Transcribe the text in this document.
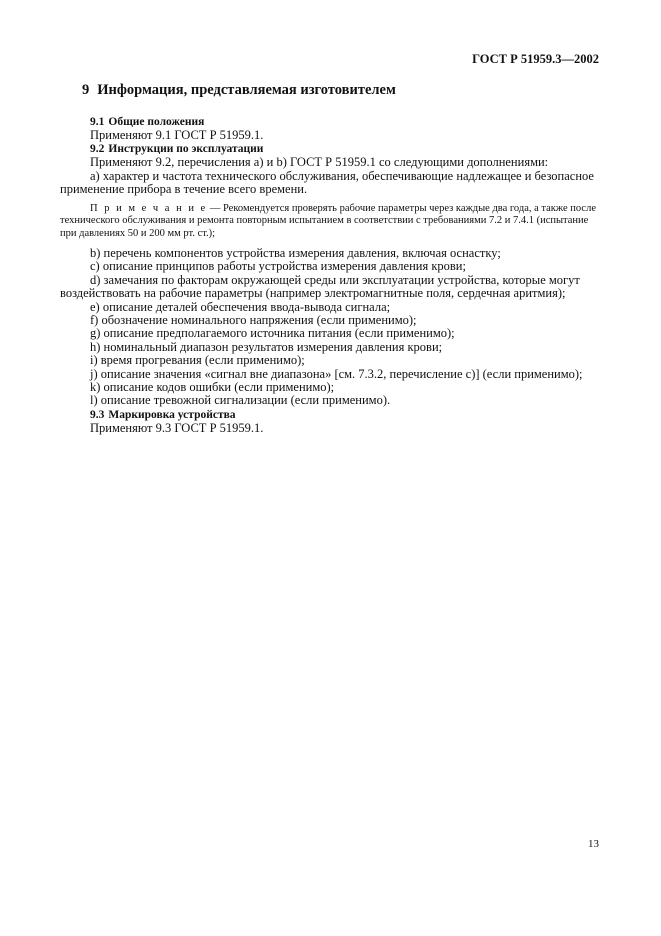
ГОСТ Р 51959.3—2002
9 Информация, представляемая изготовителем
9.1 Общие положения

Применяют 9.1 ГОСТ Р 51959.1.

9.2 Инструкции по эксплуатации

Применяют 9.2, перечисления а) и b) ГОСТ Р 51959.1 со следующими дополнениями:

а) характер и частота технического обслуживания, обеспечивающие надлежащее и безопасное применение прибора в течение всего времени.

П р и м е ч а н и е — Рекомендуется проверять рабочие параметры через каждые два года, а также после технического обслуживания и ремонта повторным испытанием в соответствии с требованиями 7.2 и 7.4.1 (испытание при давлениях 50 и 200 мм рт. ст.);

b) перечень компонентов устройства измерения давления, включая оснастку;

c) описание принципов работы устройства измерения давления крови;

d) замечания по факторам окружающей среды или эксплуатации устройства, которые могут воздействовать на рабочие параметры (например электромагнитные поля, сердечная аритмия);

e) описание деталей обеспечения ввода-вывода сигнала;

f) обозначение номинального напряжения (если применимо);

g) описание предполагаемого источника питания (если применимо);

h) номинальный диапазон результатов измерения давления крови;

i) время прогревания (если применимо);

j) описание значения «сигнал вне диапазона» [см. 7.3.2, перечисление с)] (если применимо);

k) описание кодов ошибки (если применимо);

l) описание тревожной сигнализации (если применимо).

9.3 Маркировка устройства

Применяют 9.3 ГОСТ Р 51959.1.

13
